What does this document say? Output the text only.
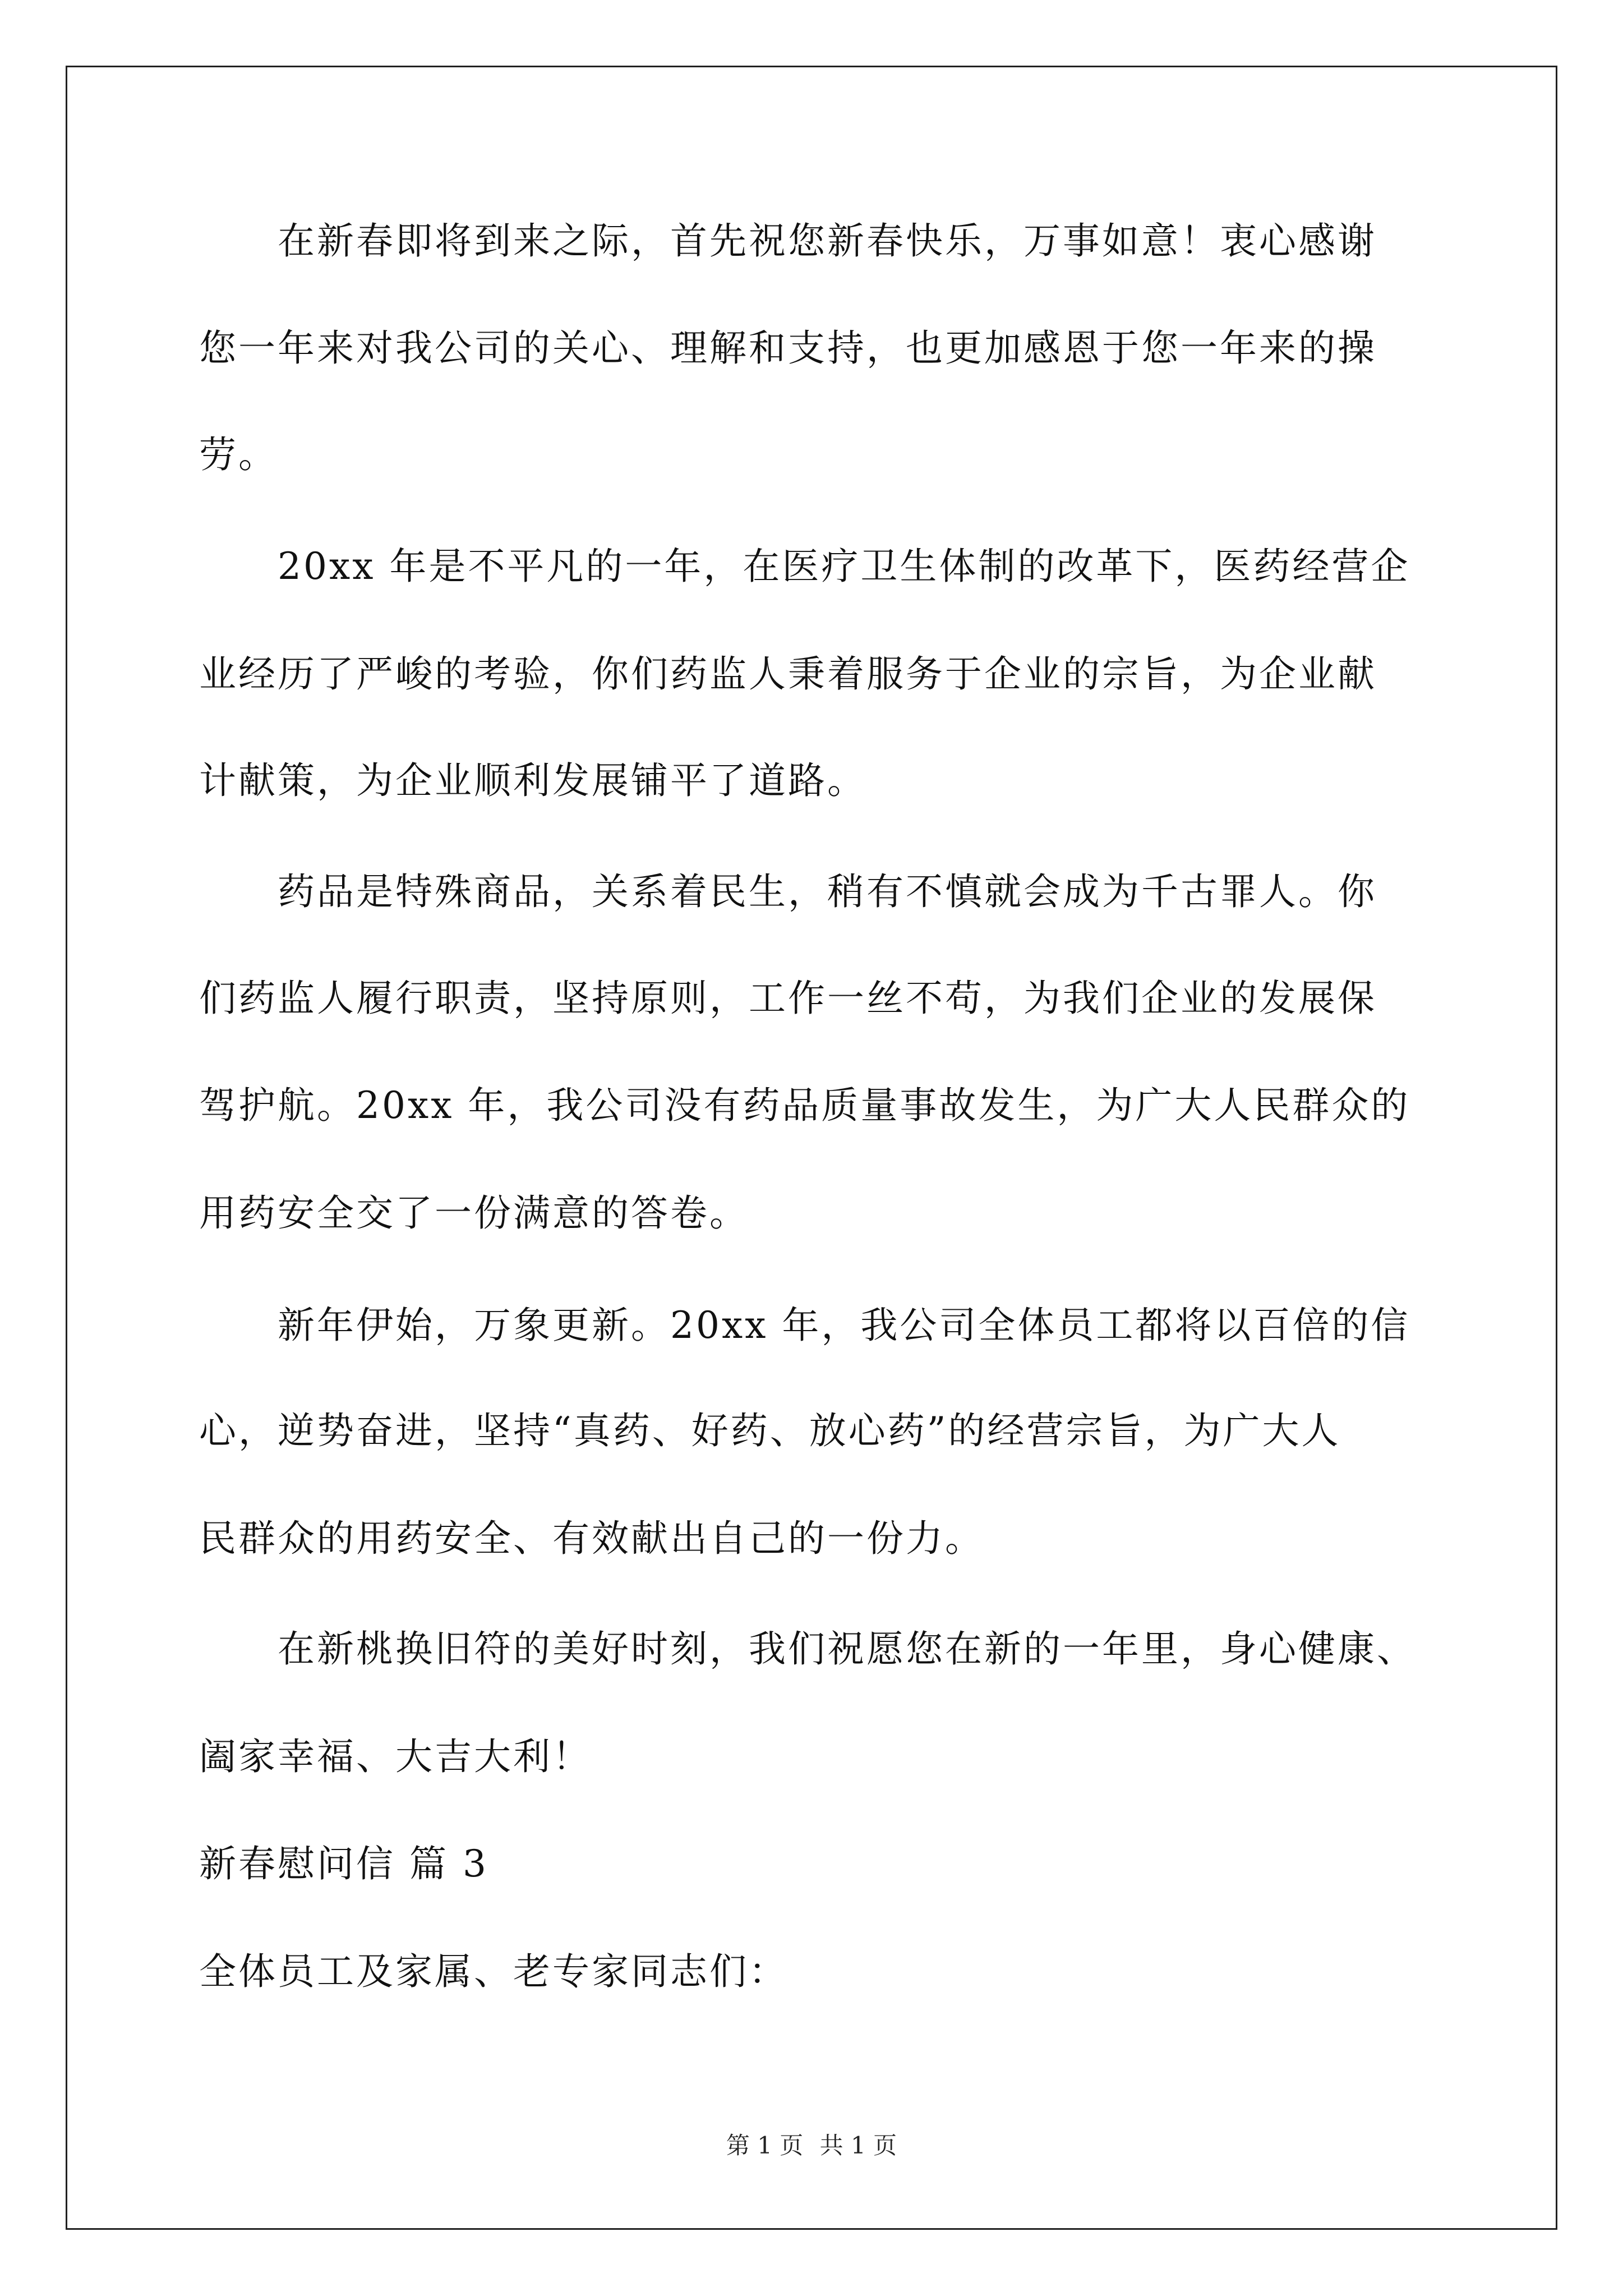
　　在新春即将到来之际，首先祝您新春快乐，万事如意！衷心感谢
您一年来对我公司的关心、理解和支持，也更加感恩于您一年来的操
劳。
　　20xx 年是不平凡的一年，在医疗卫生体制的改革下，医药经营企
业经历了严峻的考验，你们药监人秉着服务于企业的宗旨，为企业献
计献策，为企业顺利发展铺平了道路。
　　药品是特殊商品，关系着民生，稍有不慎就会成为千古罪人。你
们药监人履行职责，坚持原则，工作一丝不苟，为我们企业的发展保
驾护航。20xx 年，我公司没有药品质量事故发生，为广大人民群众的
用药安全交了一份满意的答卷。
　　新年伊始，万象更新。20xx 年，我公司全体员工都将以百倍的信
心，逆势奋进，坚持“真药、好药、放心药”的经营宗旨，为广大人
民群众的用药安全、有效献出自己的一份力。
　　在新桃换旧符的美好时刻，我们祝愿您在新的一年里，身心健康、
阖家幸福、大吉大利！
新春慰问信 篇 3
全体员工及家属、老专家同志们：
第 1 页 共 1 页
